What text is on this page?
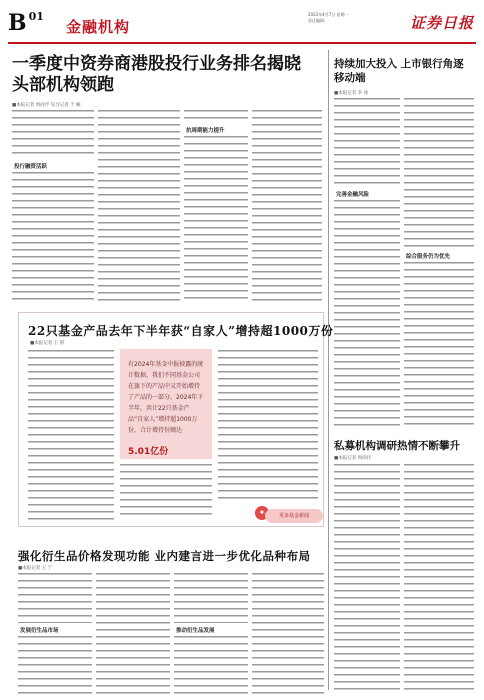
B $^{01}$
金融机构
2023年4月7日 星期一
责任编辑：	证券日报
一季度中资券商港股投行业务排名揭晓 头部机构领跑
■本报记者 周尚伃 见习记者 于 楠
投行融资活跃
抗周期能力提升
持续加大投入 上市银行角逐移动端
■本报记者 李 冰
完善金融风险
综合服务仍为优先
22只基金产品去年下半年获“自家人”增持超1000万份
■本报记者 王 僖
有2024年基金中报披露的统计数据，我们不同基金公司在旗下的产品中又开始增持了产品的一部分。2024年下半年，共计22只基金产品“自家人”增持超1000万份，合计增持份额达
5.01亿份
✦	更多基金新闻
强化衍生品价格发现功能 业内建言进一步优化品种布局
■本报记者 王 宁
发展衍生品市场	推动衍生品发展
私募机构调研热情不断攀升
■本报记者 周尚伃
